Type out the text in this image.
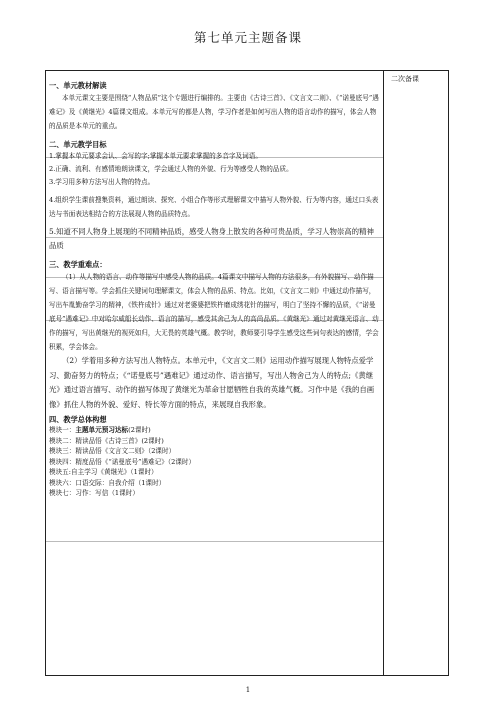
第七单元主题备课
二次备课
一、单元教材解读

本单元课文主要是围绕“人物品质”这个专题进行编排的。主要由《古诗三首》、《文言文二则》、《“诺曼底号”遇难记》及《黄继光》4篇课文组成。本单元写的都是人物，学习作者是如何写出人物的语言动作的描写，体会人物的品质是本单元的重点。

二、单元教学目标

1.掌握本单元要求会认、会写的字;掌握本单元要求掌握的多音字及词语。

2.正确、流利、有感情地朗读课文，学会通过人物的外貌、行为等感受人物的品质。

3.学习用多种方法写出人物的特点。

4.组织学生课前搜集资料，通过朗读、探究、小组合作等形式理解课文中描写人物外貌、行为等内容，通过口头表达与书面表达相结合的方法展现人物的品质特点。

5.知道不同人物身上展现的不同精神品质，感受人物身上散发的各种可贵品质，学习人物崇高的精神品质

三、教学重难点：

（1）从人物的语言、动作等描写中感受人物的品质。4篇课文中描写人物的方法很多，有外貌描写、动作描写、语言描写等。学会抓住关键词句理解课文，体会人物的品质、特点。比如，《文言文二则》中通过动作描写，写出车胤勤奋学习的精神，《铁杵成针》通过对老婆婆把铁杵磨成绣花针的描写，明白了坚持不懈的品质，《“诺曼底号”遇难记》中对哈尔威船长动作、语言的描写，感受其舍己为人的高尚品质。《黄继光》通过对黄继光语言、动作的描写，写出黄继光的视死如归，大无畏的英雄气概。教学时，教师要引导学生感受这些词句表达的感情，学会积累，学会体会。

（2）学着用多种方法写出人物特点。本单元中，《文言文二则》运用动作描写展现人物特点爱学习、勤奋努力的特点；《“诺曼底号”遇难记》通过动作、语言描写，写出人物舍己为人的特点;《黄继光》通过语言描写、动作的描写体现了黄继光为革命甘愿牺牲自我的英雄气概。习作中是《我的自画像》抓住人物的外貌、爱好、特长等方面的特点，来展现自我形象。

四、教学总体构想

模块一：主题单元预习达标(2课时)

模块二：精读品悟《古诗三首》(2课时)

模块三：精读品悟《文言文二则》（2课时）

模块四：精度品悟《“诺曼底号”遇难记》（2课时）

模块五:自主学习《黄继光》（1课时）

模块六：口语交际：自我介绍（1课时）

模块七：习作：写信（1课时）

1
